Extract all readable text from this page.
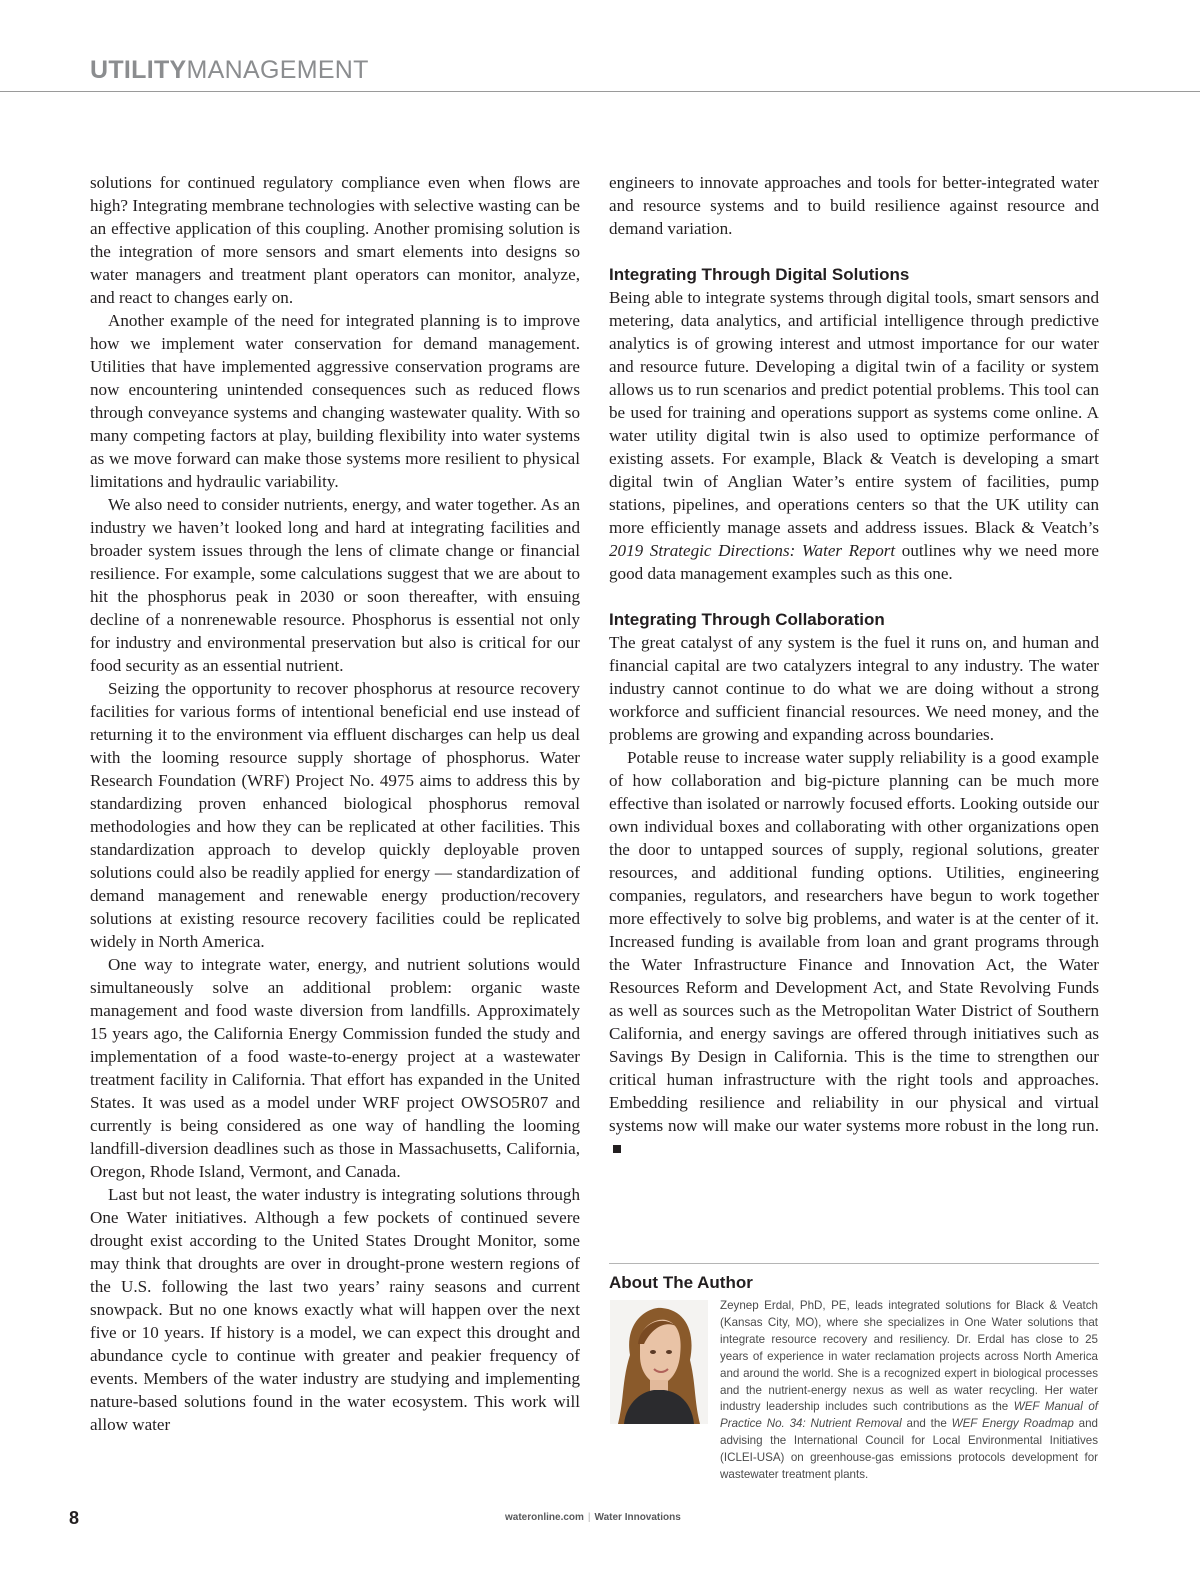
UTILITYMANAGEMENT

solutions for continued regulatory compliance even when flows are high? Integrating membrane technologies with selective wasting can be an effective application of this coupling. Another promising solution is the integration of more sensors and smart elements into designs so water managers and treatment plant operators can monitor, analyze, and react to changes early on.

Another example of the need for integrated planning is to improve how we implement water conservation for demand management. Utilities that have implemented aggressive conservation programs are now encountering unintended consequences such as reduced flows through conveyance systems and changing wastewater quality. With so many competing factors at play, building flexibility into water systems as we move forward can make those systems more resilient to physical limitations and hydraulic variability.

We also need to consider nutrients, energy, and water together. As an industry we haven’t looked long and hard at integrating facilities and broader system issues through the lens of climate change or financial resilience. For example, some calculations suggest that we are about to hit the phosphorus peak in 2030 or soon thereafter, with ensuing decline of a nonrenewable resource. Phosphorus is essential not only for industry and environmental preservation but also is critical for our food security as an essential nutrient.

Seizing the opportunity to recover phosphorus at resource recovery facilities for various forms of intentional beneficial end use instead of returning it to the environment via effluent discharges can help us deal with the looming resource supply shortage of phosphorus. Water Research Foundation (WRF) Project No. 4975 aims to address this by standardizing proven enhanced biological phosphorus removal methodologies and how they can be replicated at other facilities. This standardization approach to develop quickly deployable proven solutions could also be readily applied for energy — standardization of demand management and renewable energy production/recovery solutions at existing resource recovery facilities could be replicated widely in North America.

One way to integrate water, energy, and nutrient solutions would simultaneously solve an additional problem: organic waste management and food waste diversion from landfills. Approximately 15 years ago, the California Energy Commission funded the study and implementation of a food waste-to-energy project at a wastewater treatment facility in California. That effort has expanded in the United States. It was used as a model under WRF project OWSO5R07 and currently is being considered as one way of handling the looming landfill-diversion deadlines such as those in Massachusetts, California, Oregon, Rhode Island, Vermont, and Canada.

Last but not least, the water industry is integrating solutions through One Water initiatives. Although a few pockets of continued severe drought exist according to the United States Drought Monitor, some may think that droughts are over in drought-prone western regions of the U.S. following the last two years’ rainy seasons and current snowpack. But no one knows exactly what will happen over the next five or 10 years. If history is a model, we can expect this drought and abundance cycle to continue with greater and peakier frequency of events. Members of the water industry are studying and implementing nature-based solutions found in the water ecosystem. This work will allow water

engineers to innovate approaches and tools for better-integrated water and resource systems and to build resilience against resource and demand variation.

Integrating Through Digital Solutions

Being able to integrate systems through digital tools, smart sensors and metering, data analytics, and artificial intelligence through predictive analytics is of growing interest and utmost importance for our water and resource future. Developing a digital twin of a facility or system allows us to run scenarios and predict potential problems. This tool can be used for training and operations support as systems come online. A water utility digital twin is also used to optimize performance of existing assets. For example, Black & Veatch is developing a smart digital twin of Anglian Water’s entire system of facilities, pump stations, pipelines, and operations centers so that the UK utility can more efficiently manage assets and address issues. Black & Veatch’s 2019 Strategic Directions: Water Report outlines why we need more good data management examples such as this one.

Integrating Through Collaboration

The great catalyst of any system is the fuel it runs on, and human and financial capital are two catalyzers integral to any industry. The water industry cannot continue to do what we are doing without a strong workforce and sufficient financial resources. We need money, and the problems are growing and expanding across boundaries.

Potable reuse to increase water supply reliability is a good example of how collaboration and big-picture planning can be much more effective than isolated or narrowly focused efforts. Looking outside our own individual boxes and collaborating with other organizations open the door to untapped sources of supply, regional solutions, greater resources, and additional funding options. Utilities, engineering companies, regulators, and researchers have begun to work together more effectively to solve big problems, and water is at the center of it. Increased funding is available from loan and grant programs through the Water Infrastructure Finance and Innovation Act, the Water Resources Reform and Development Act, and State Revolving Funds as well as sources such as the Metropolitan Water District of Southern California, and energy savings are offered through initiatives such as Savings By Design in California. This is the time to strengthen our critical human infrastructure with the right tools and approaches. Embedding resilience and reliability in our physical and virtual systems now will make our water systems more robust in the long run.

About The Author
Zeynep Erdal, PhD, PE, leads integrated solutions for Black & Veatch (Kansas City, MO), where she specializes in One Water solutions that integrate resource recovery and resiliency. Dr. Erdal has close to 25 years of experience in water reclamation projects across North America and around the world. She is a recognized expert in biological processes and the nutrient-energy nexus as well as water recycling. Her water industry leadership includes such contributions as the WEF Manual of Practice No. 34: Nutrient Removal and the WEF Energy Roadmap and advising the International Council for Local Environmental Initiatives (ICLEI-USA) on greenhouse-gas emissions protocols development for wastewater treatment plants.
8	wateronline.com | Water Innovations
